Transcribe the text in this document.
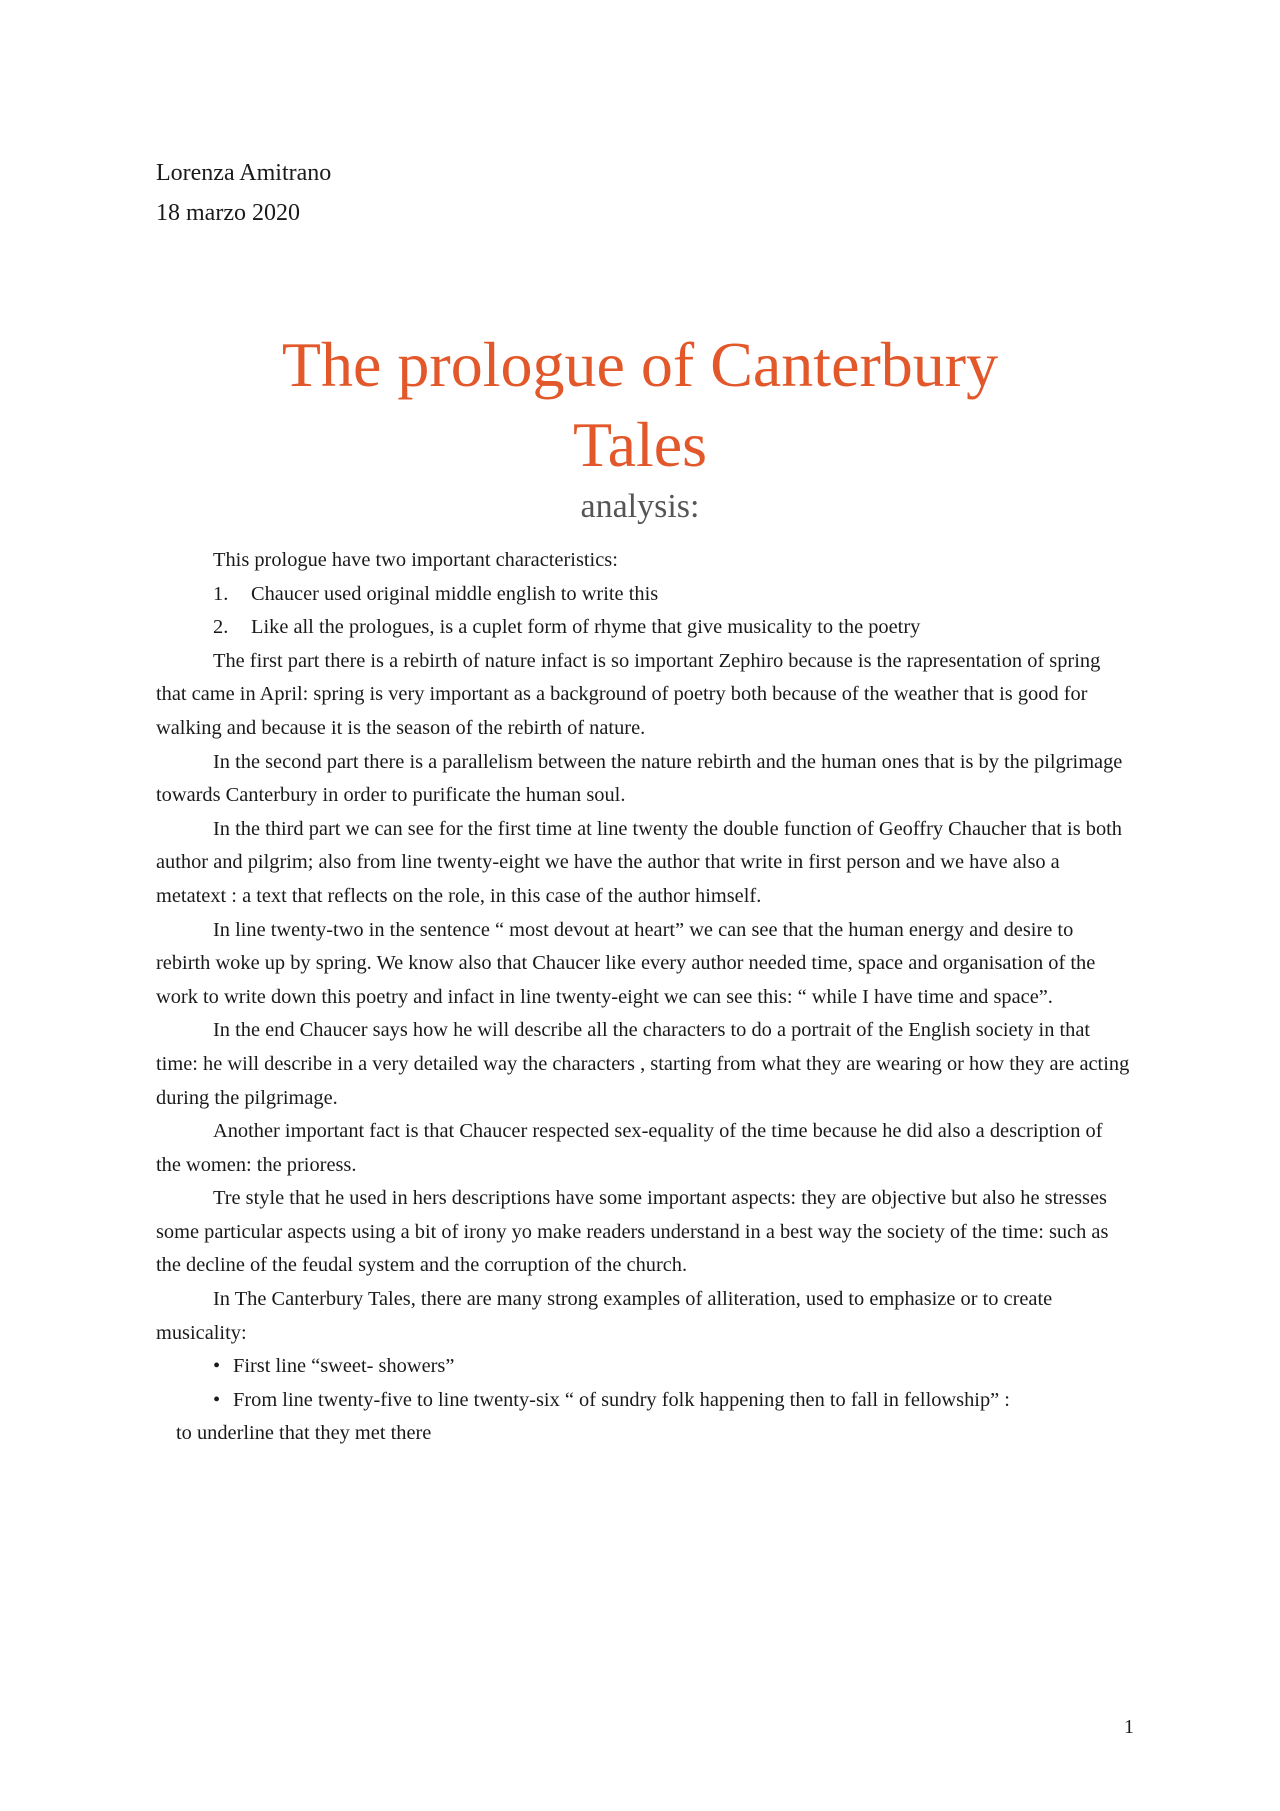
Lorenza Amitrano
18 marzo 2020
The prologue of Canterbury
Tales
analysis:

This prologue have two important characteristics:

1. Chaucer used original middle english to write this

2. Like all the prologues, is a cuplet form of rhyme that give musicality to the poetry

The first part there is a rebirth of nature infact is so important Zephiro because is the rapresentation of spring that came in April: spring is very important as a background of poetry both because of the weather that is good for walking and because it is the season of the rebirth of nature.

In the second part there is a parallelism between the nature rebirth and the human ones that is by the pilgrimage towards Canterbury in order to purificate the human soul.

In the third part we can see for the first time at line twenty the double function of Geoffry Chaucher that is both author and pilgrim; also from line twenty-eight we have the author that write in first person and we have also a metatext : a text that reflects on the role, in this case of the author himself.

In line twenty-two in the sentence “ most devout at heart” we can see that the human energy and desire to rebirth woke up by spring. We know also that Chaucer like every author needed time, space and organisation of the work to write down this poetry and infact in line twenty-eight we can see this: “ while I have time and space”.

In the end Chaucer says how he will describe all the characters to do a portrait of the English society in that time: he will describe in a very detailed way the characters , starting from what they are wearing or how they are acting during the pilgrimage.

Another important fact is that Chaucer respected sex-equality of the time because he did also a description of the women: the prioress.

Tre style that he used in hers descriptions have some important aspects: they are objective but also he stresses some particular aspects using a bit of irony yo make readers understand in a best way the society of the time: such as the decline of the feudal system and the corruption of the church.

In The Canterbury Tales, there are many strong examples of alliteration, used to emphasize or to create musicality:

• First line “sweet- showers”

• From line twenty-five to line twenty-six “ of sundry folk happening then to fall in fellowship” :

to underline that they met there

1
